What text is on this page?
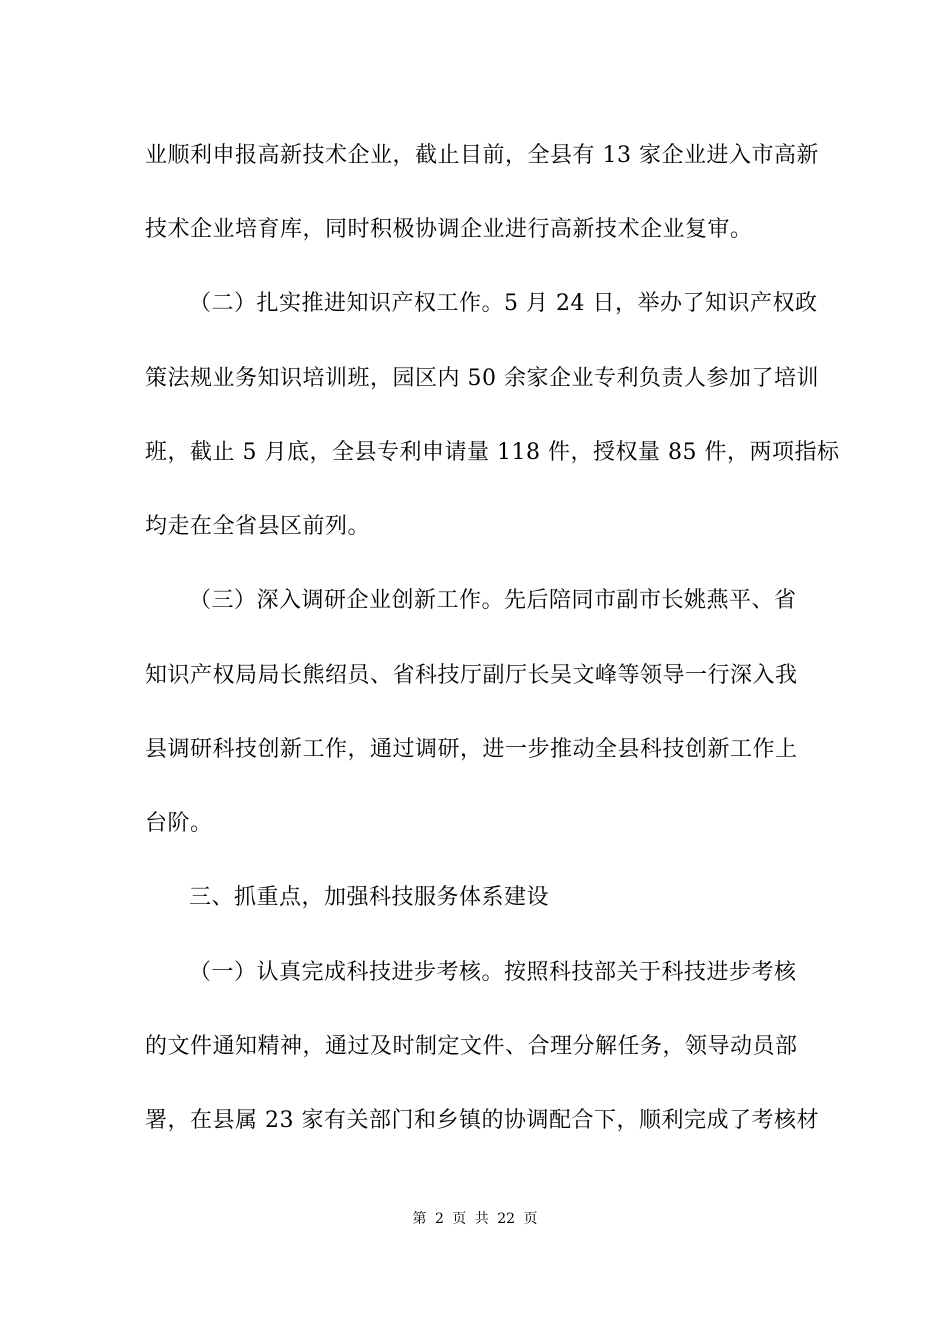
业顺利申报高新技术企业，截止目前，全县有 13 家企业进入市高新
技术企业培育库，同时积极协调企业进行高新技术企业复审。
（二）扎实推进知识产权工作。5 月 24 日，举办了知识产权政
策法规业务知识培训班，园区内 50 余家企业专利负责人参加了培训
班，截止 5 月底，全县专利申请量 118 件，授权量 85 件，两项指标
均走在全省县区前列。
（三）深入调研企业创新工作。先后陪同市副市长姚燕平、省
知识产权局局长熊绍员、省科技厅副厅长吴文峰等领导一行深入我
县调研科技创新工作，通过调研，进一步推动全县科技创新工作上
台阶。
三、抓重点，加强科技服务体系建设
（一）认真完成科技进步考核。按照科技部关于科技进步考核
的文件通知精神，通过及时制定文件、合理分解任务，领导动员部
署，在县属 23 家有关部门和乡镇的协调配合下，顺利完成了考核材
第 2 页 共 22 页
